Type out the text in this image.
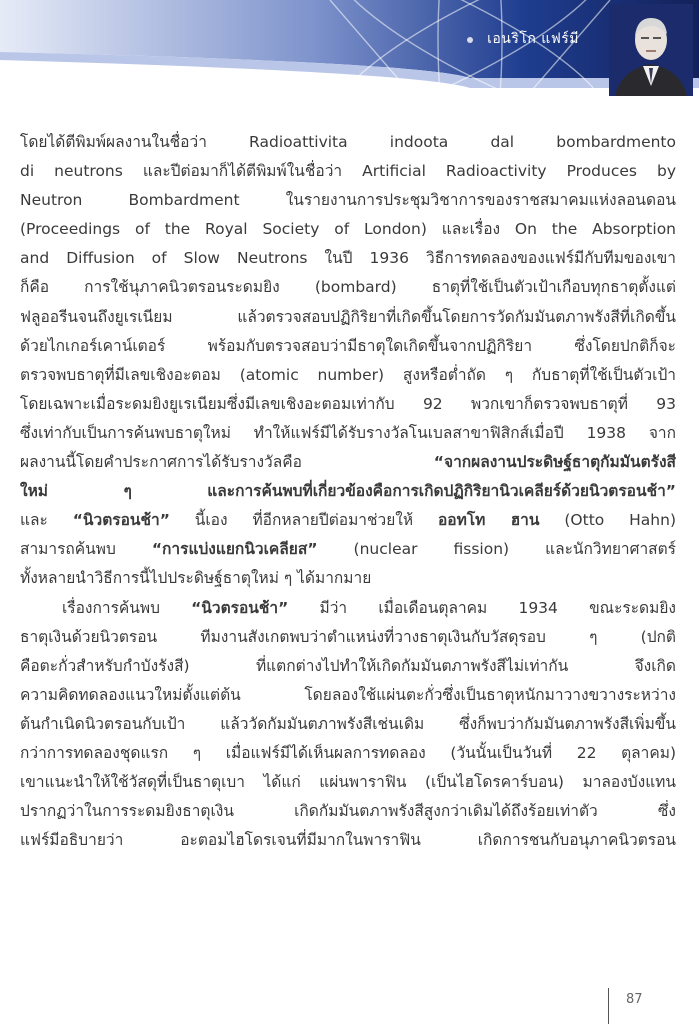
เอนริโก แฟร์มี
โดยได้ตีพิมพ์ผลงานในชื่อว่า Radioattivita indoota dal bombardmento
di neutrons และปีต่อมาก็ได้ตีพิมพ์ในชื่อว่า Artificial Radioactivity Produces by
Neutron Bombardment ในรายงานการประชุมวิชาการของราชสมาคมแห่งลอนดอน
(Proceedings of the Royal Society of London) และเรื่อง On the Absorption
and Diffusion of Slow Neutrons ในปี 1936 วิธีการทดลองของแฟร์มีกับทีมของเขา
ก็คือ การใช้นุภาคนิวตรอนระดมยิง (bombard) ธาตุที่ใช้เป็นตัวเป้าเกือบทุกธาตุตั้งแต่
ฟลูออรีนจนถึงยูเรเนียม แล้วตรวจสอบปฏิกิริยาที่เกิดขึ้นโดยการวัดกัมมันตภาพรังสีที่เกิดขึ้น
ด้วยไกเกอร์เคาน์เตอร์ พร้อมกับตรวจสอบว่ามีธาตุใดเกิดขึ้นจากปฏิกิริยา ซึ่งโดยปกติก็จะ
ตรวจพบธาตุที่มีเลขเชิงอะตอม (atomic number) สูงหรือต่ำถัด ๆ กับธาตุที่ใช้เป็นตัวเป้า
โดยเฉพาะเมื่อระดมยิงยูเรเนียมซึ่งมีเลขเชิงอะตอมเท่ากับ 92 พวกเขาก็ตรวจพบธาตุที่ 93
ซึ่งเท่ากับเป็นการค้นพบธาตุใหม่ ทำให้แฟร์มีได้รับรางวัลโนเบลสาขาฟิสิกส์เมื่อปี 1938 จาก
ผลงานนี้โดยคำประกาศการได้รับรางวัลคือ “จากผลงานประดิษฐ์ธาตุกัมมันตรังสี
ใหม่ ๆ และการค้นพบที่เกี่ยวข้องคือการเกิดปฏิกิริยานิวเคลียร์ด้วยนิวตรอนช้า”
และ “นิวตรอนช้า” นี้เอง ที่อีกหลายปีต่อมาช่วยให้ ออทโท ฮาน (Otto Hahn)
สามารถค้นพบ “การแบ่งแยกนิวเคลียส” (nuclear fission) และนักวิทยาศาสตร์
ทั้งหลายนำวิธีการนี้ไปประดิษฐ์ธาตุใหม่ ๆ ได้มากมาย
เรื่องการค้นพบ “นิวตรอนช้า” มีว่า เมื่อเดือนตุลาคม 1934 ขณะระดมยิง
ธาตุเงินด้วยนิวตรอน ทีมงานสังเกตพบว่าตำแหน่งที่วางธาตุเงินกับวัสดุรอบ ๆ (ปกติ
คือตะกั่วสำหรับกำบังรังสี) ที่แตกต่างไปทำให้เกิดกัมมันตภาพรังสีไม่เท่ากัน จึงเกิด
ความคิดทดลองแนวใหม่ตั้งแต่ต้น โดยลองใช้แผ่นตะกั่วซึ่งเป็นธาตุหนักมาวางขวางระหว่าง
ต้นกำเนิดนิวตรอนกับเป้า แล้ววัดกัมมันตภาพรังสีเช่นเดิม ซึ่งก็พบว่ากัมมันตภาพรังสีเพิ่มขึ้น
กว่าการทดลองชุดแรก ๆ เมื่อแฟร์มีได้เห็นผลการทดลอง (วันนั้นเป็นวันที่ 22 ตุลาคม)
เขาแนะนำให้ใช้วัสดุที่เป็นธาตุเบา ได้แก่ แผ่นพาราฟิน (เป็นไฮโดรคาร์บอน) มาลองบังแทน
ปรากฏว่าในการระดมยิงธาตุเงิน เกิดกัมมันตภาพรังสีสูงกว่าเดิมได้ถึงร้อยเท่าตัว ซึ่ง
แฟร์มีอธิบายว่า อะตอมไฮโดรเจนที่มีมากในพาราฟิน เกิดการชนกับอนุภาคนิวตรอน
87
